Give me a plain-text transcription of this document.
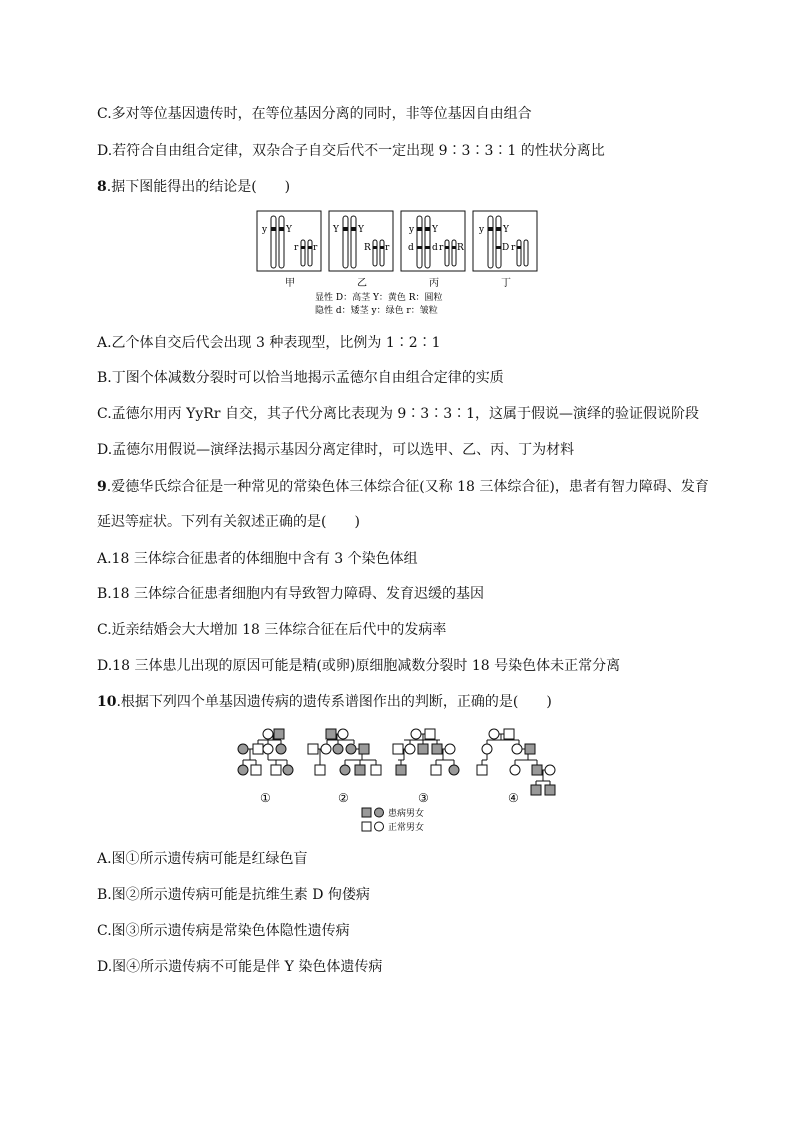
C.多对等位基因遗传时，在等位基因分离的同时，非等位基因自由组合
D.若符合自由组合定律，双杂合子自交后代不一定出现 9∶3∶3∶1 的性状分离比
8.据下图能得出的结论是(　　)
y Y
r r
甲
Y Y
R r
乙
y Y
d d r R
丙
y Y
D r
丁
显性 D：高茎 Y：黄色 R：圆粒
隐性 d：矮茎 y：绿色 r：皱粒
A.乙个体自交后代会出现 3 种表现型，比例为 1∶2∶1
B.丁图个体减数分裂时可以恰当地揭示孟德尔自由组合定律的实质
C.孟德尔用丙 YyRr 自交，其子代分离比表现为 9∶3∶3∶1，这属于假说—演绎的验证假说阶段
D.孟德尔用假说—演绎法揭示基因分离定律时，可以选甲、乙、丙、丁为材料
9.爱德华氏综合征是一种常见的常染色体三体综合征(又称 18 三体综合征)，患者有智力障碍、发育
延迟等症状。下列有关叙述正确的是(　　)
A.18 三体综合征患者的体细胞中含有 3 个染色体组
B.18 三体综合征患者细胞内有导致智力障碍、发育迟缓的基因
C.近亲结婚会大大增加 18 三体综合征在后代中的发病率
D.18 三体患儿出现的原因可能是精(或卵)原细胞减数分裂时 18 号染色体未正常分离
10.根据下列四个单基因遗传病的遗传系谱图作出的判断，正确的是(　　)
①	②	③	④
患病男女
正常男女
A.图①所示遗传病可能是红绿色盲
B.图②所示遗传病可能是抗维生素 D 佝偻病
C.图③所示遗传病是常染色体隐性遗传病
D.图④所示遗传病不可能是伴 Y 染色体遗传病
